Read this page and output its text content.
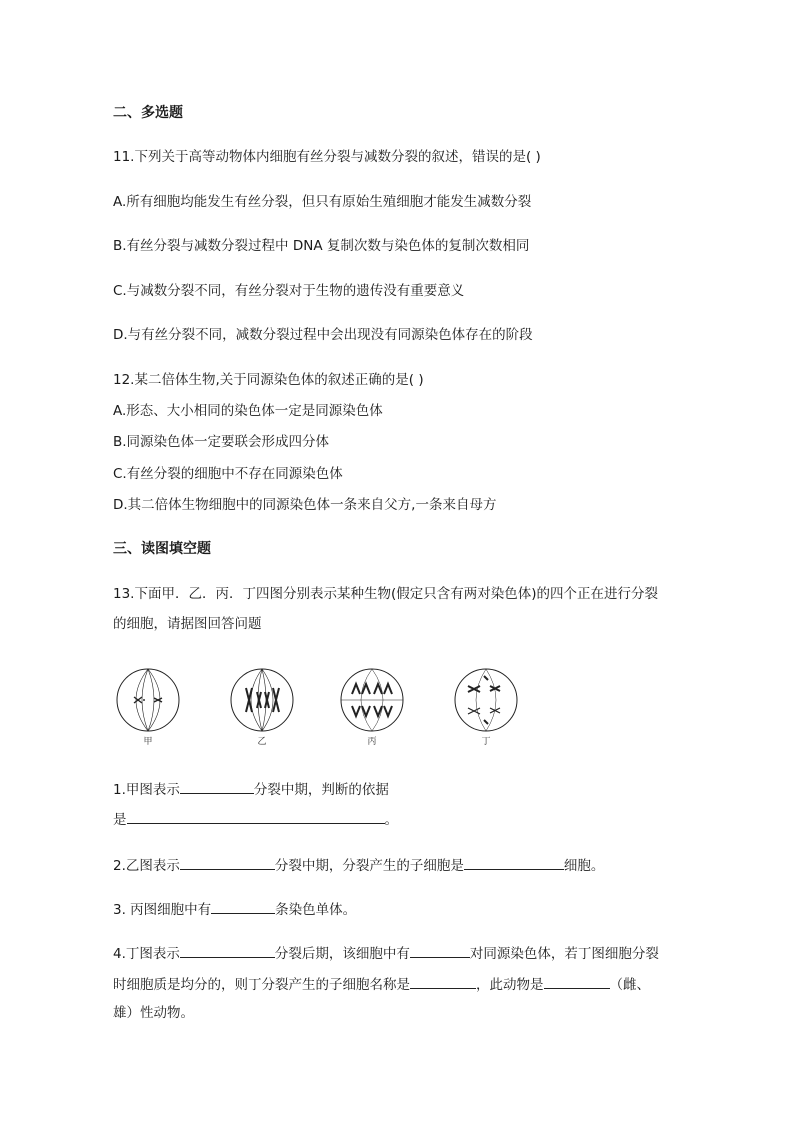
二、多选题
11.下列关于高等动物体内细胞有丝分裂与减数分裂的叙述，错误的是( )
A.所有细胞均能发生有丝分裂，但只有原始生殖细胞才能发生减数分裂
B.有丝分裂与减数分裂过程中 DNA 复制次数与染色体的复制次数相同
C.与减数分裂不同，有丝分裂对于生物的遗传没有重要意义
D.与有丝分裂不同，减数分裂过程中会出现没有同源染色体存在的阶段
12.某二倍体生物,关于同源染色体的叙述正确的是( )
A.形态、大小相同的染色体一定是同源染色体
B.同源染色体一定要联会形成四分体
C.有丝分裂的细胞中不存在同源染色体
D.其二倍体生物细胞中的同源染色体一条来自父方,一条来自母方
三、读图填空题
13.下面甲．乙．丙．丁四图分别表示某种生物(假定只含有两对染色体)的四个正在进行分裂
的细胞，请据图回答问题
甲	乙	丙	丁
1.甲图表示	分裂中期，判断的依据
是	。
2.乙图表示	分裂中期，分裂产生的子细胞是	细胞。
3. 丙图细胞中有	条染色单体。
4.丁图表示	分裂后期，该细胞中有	对同源染色体，若丁图细胞分裂
时细胞质是均分的，则丁分裂产生的子细胞名称是	，此动物是	（雌、
雄）性动物。
